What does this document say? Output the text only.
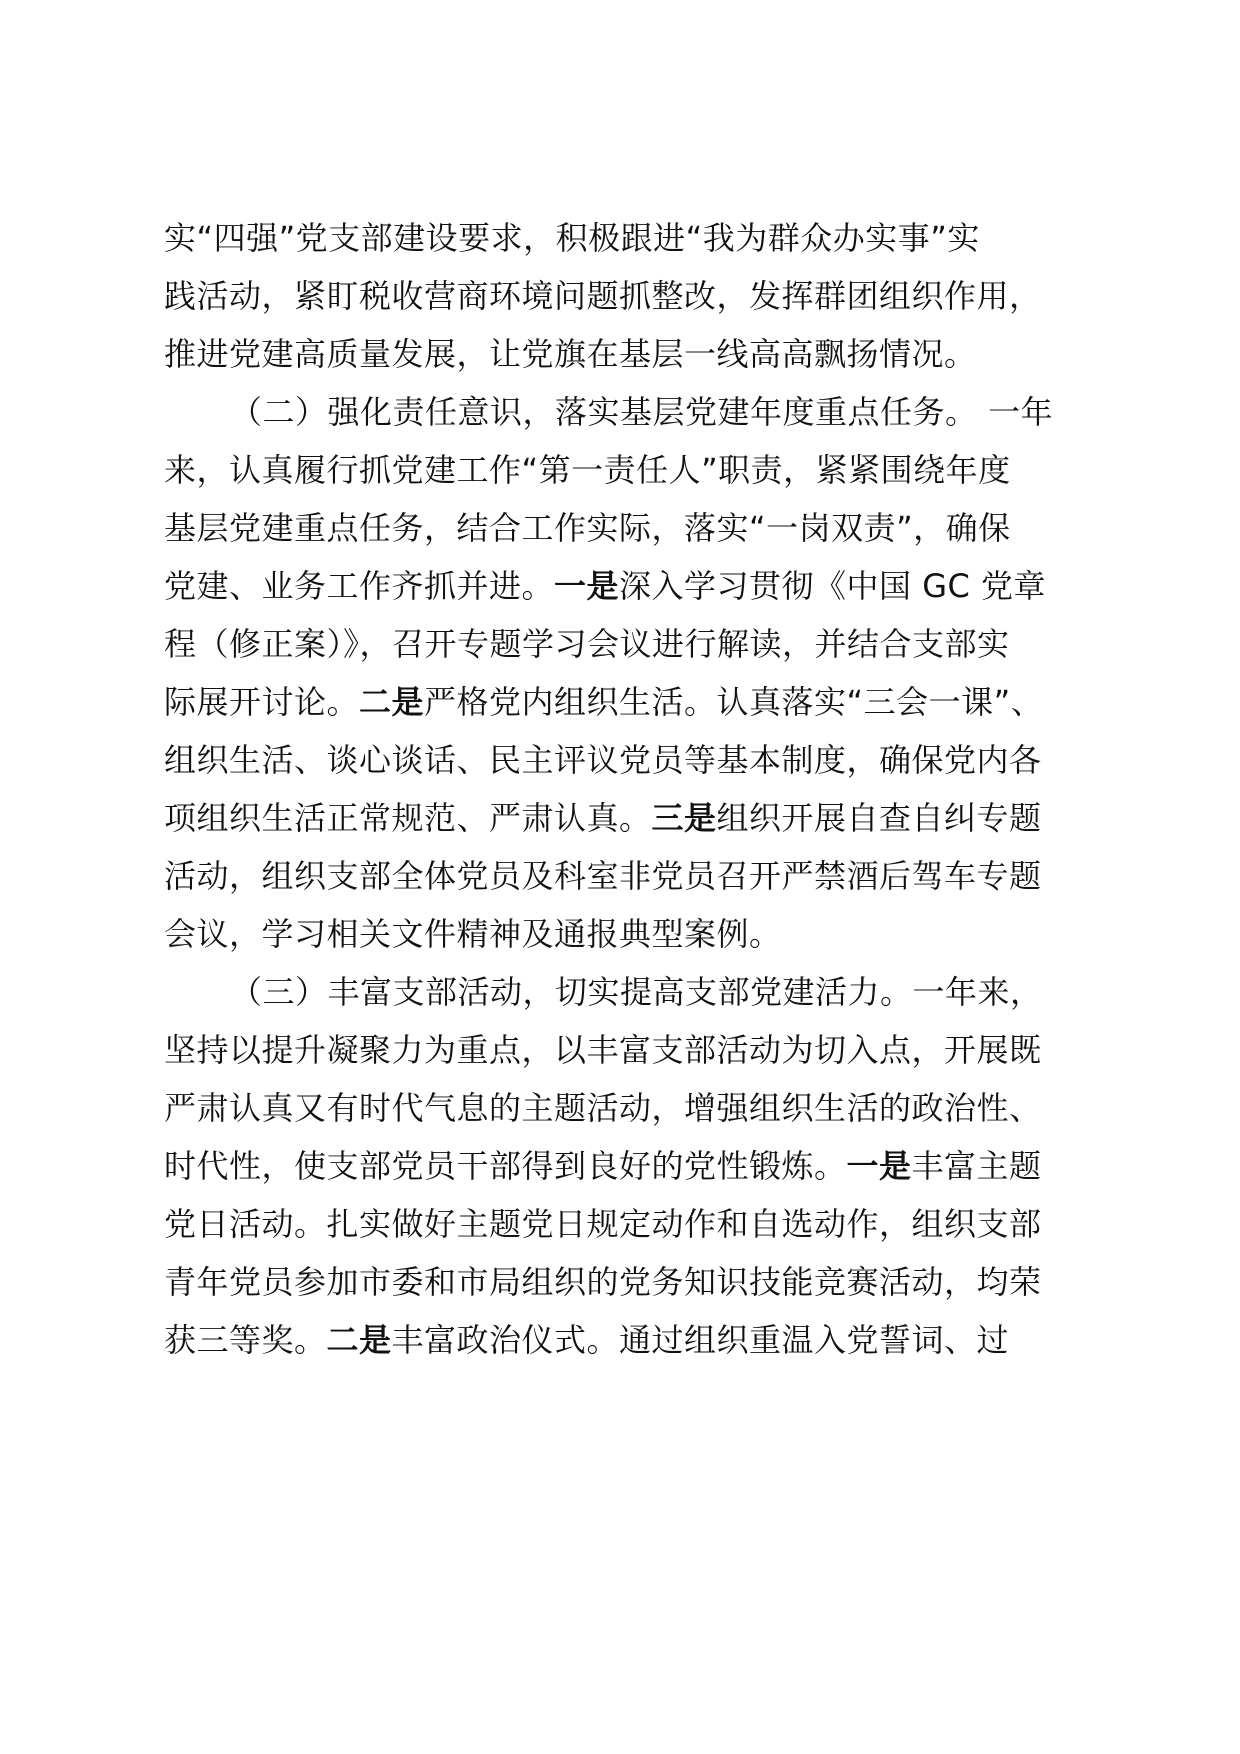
实“四强”党支部建设要求，积极跟进“我为群众办实事”实
践活动，紧盯税收营商环境问题抓整改，发挥群团组织作用，
推进党建高质量发展，让党旗在基层一线高高飘扬情况。
（二）强化责任意识，落实基层党建年度重点任务。 一年
来，认真履行抓党建工作“第一责任人”职责，紧紧围绕年度
基层党建重点任务，结合工作实际，落实“一岗双责”，确保
党建、业务工作齐抓并进。一是深入学习贯彻《中国 GC 党章
程（修正案）》，召开专题学习会议进行解读，并结合支部实
际展开讨论。二是严格党内组织生活。认真落实“三会一课”、
组织生活、谈心谈话、民主评议党员等基本制度，确保党内各
项组织生活正常规范、严肃认真。三是组织开展自查自纠专题
活动，组织支部全体党员及科室非党员召开严禁酒后驾车专题
会议，学习相关文件精神及通报典型案例。
（三）丰富支部活动，切实提高支部党建活力。一年来，
坚持以提升凝聚力为重点，以丰富支部活动为切入点，开展既
严肃认真又有时代气息的主题活动，增强组织生活的政治性、
时代性，使支部党员干部得到良好的党性锻炼。一是丰富主题
党日活动。扎实做好主题党日规定动作和自选动作，组织支部
青年党员参加市委和市局组织的党务知识技能竞赛活动，均荣
获三等奖。二是丰富政治仪式。通过组织重温入党誓词、过
